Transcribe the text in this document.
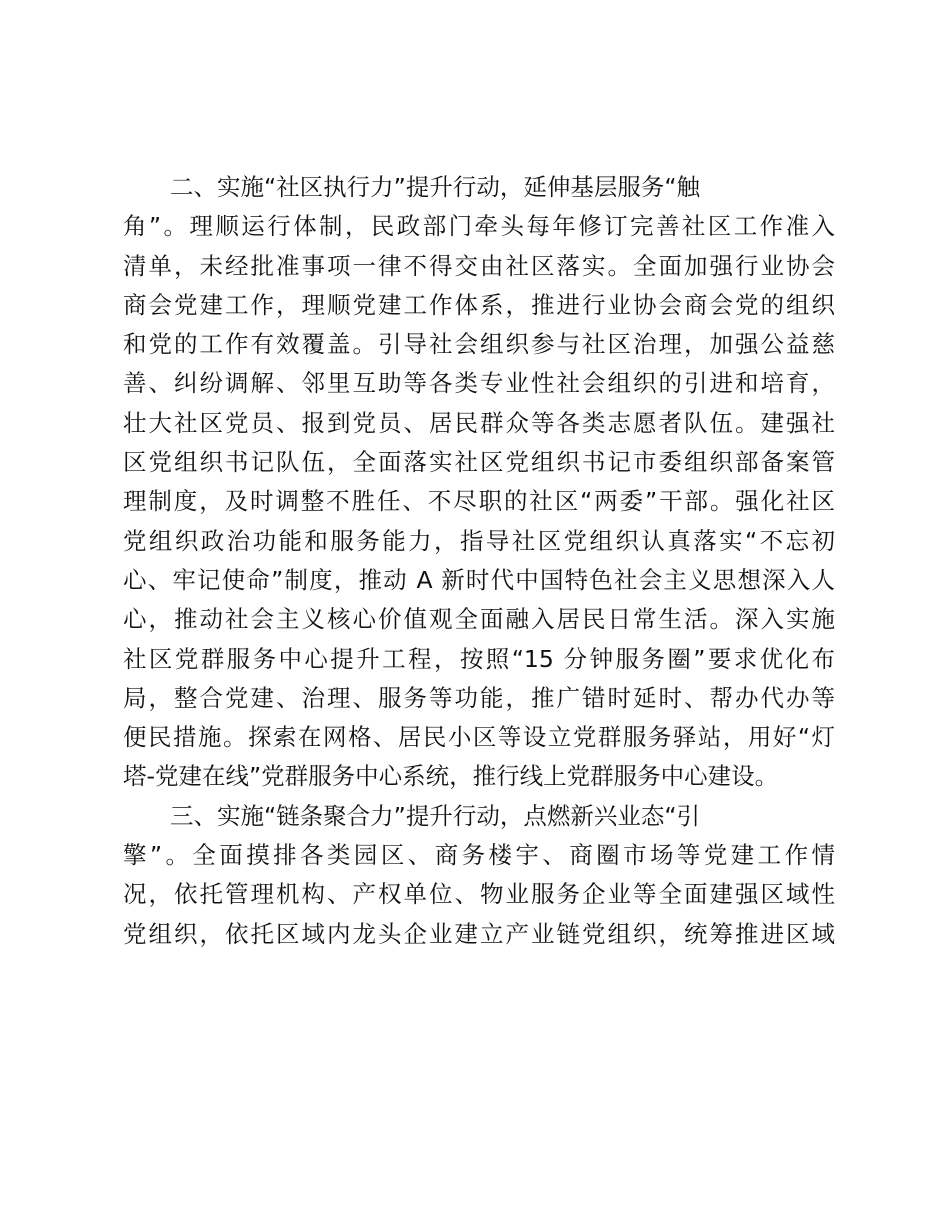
二、实施“社区执行力”提升行动，延伸基层服务“触
角”。理顺运行体制，民政部门牵头每年修订完善社区工作准入
清单，未经批准事项一律不得交由社区落实。全面加强行业协会
商会党建工作，理顺党建工作体系，推进行业协会商会党的组织
和党的工作有效覆盖。引导社会组织参与社区治理，加强公益慈
善、纠纷调解、邻里互助等各类专业性社会组织的引进和培育，
壮大社区党员、报到党员、居民群众等各类志愿者队伍。建强社
区党组织书记队伍，全面落实社区党组织书记市委组织部备案管
理制度，及时调整不胜任、不尽职的社区“两委”干部。强化社区
党组织政治功能和服务能力，指导社区党组织认真落实“不忘初
心、牢记使命”制度，推动 A 新时代中国特色社会主义思想深入人
心，推动社会主义核心价值观全面融入居民日常生活。深入实施
社区党群服务中心提升工程，按照“15 分钟服务圈”要求优化布
局，整合党建、治理、服务等功能，推广错时延时、帮办代办等
便民措施。探索在网格、居民小区等设立党群服务驿站，用好“灯
塔-党建在线”党群服务中心系统，推行线上党群服务中心建设。
三、实施“链条聚合力”提升行动，点燃新兴业态“引
擎”。全面摸排各类园区、商务楼宇、商圈市场等党建工作情
况，依托管理机构、产权单位、物业服务企业等全面建强区域性
党组织，依托区域内龙头企业建立产业链党组织，统筹推进区域
